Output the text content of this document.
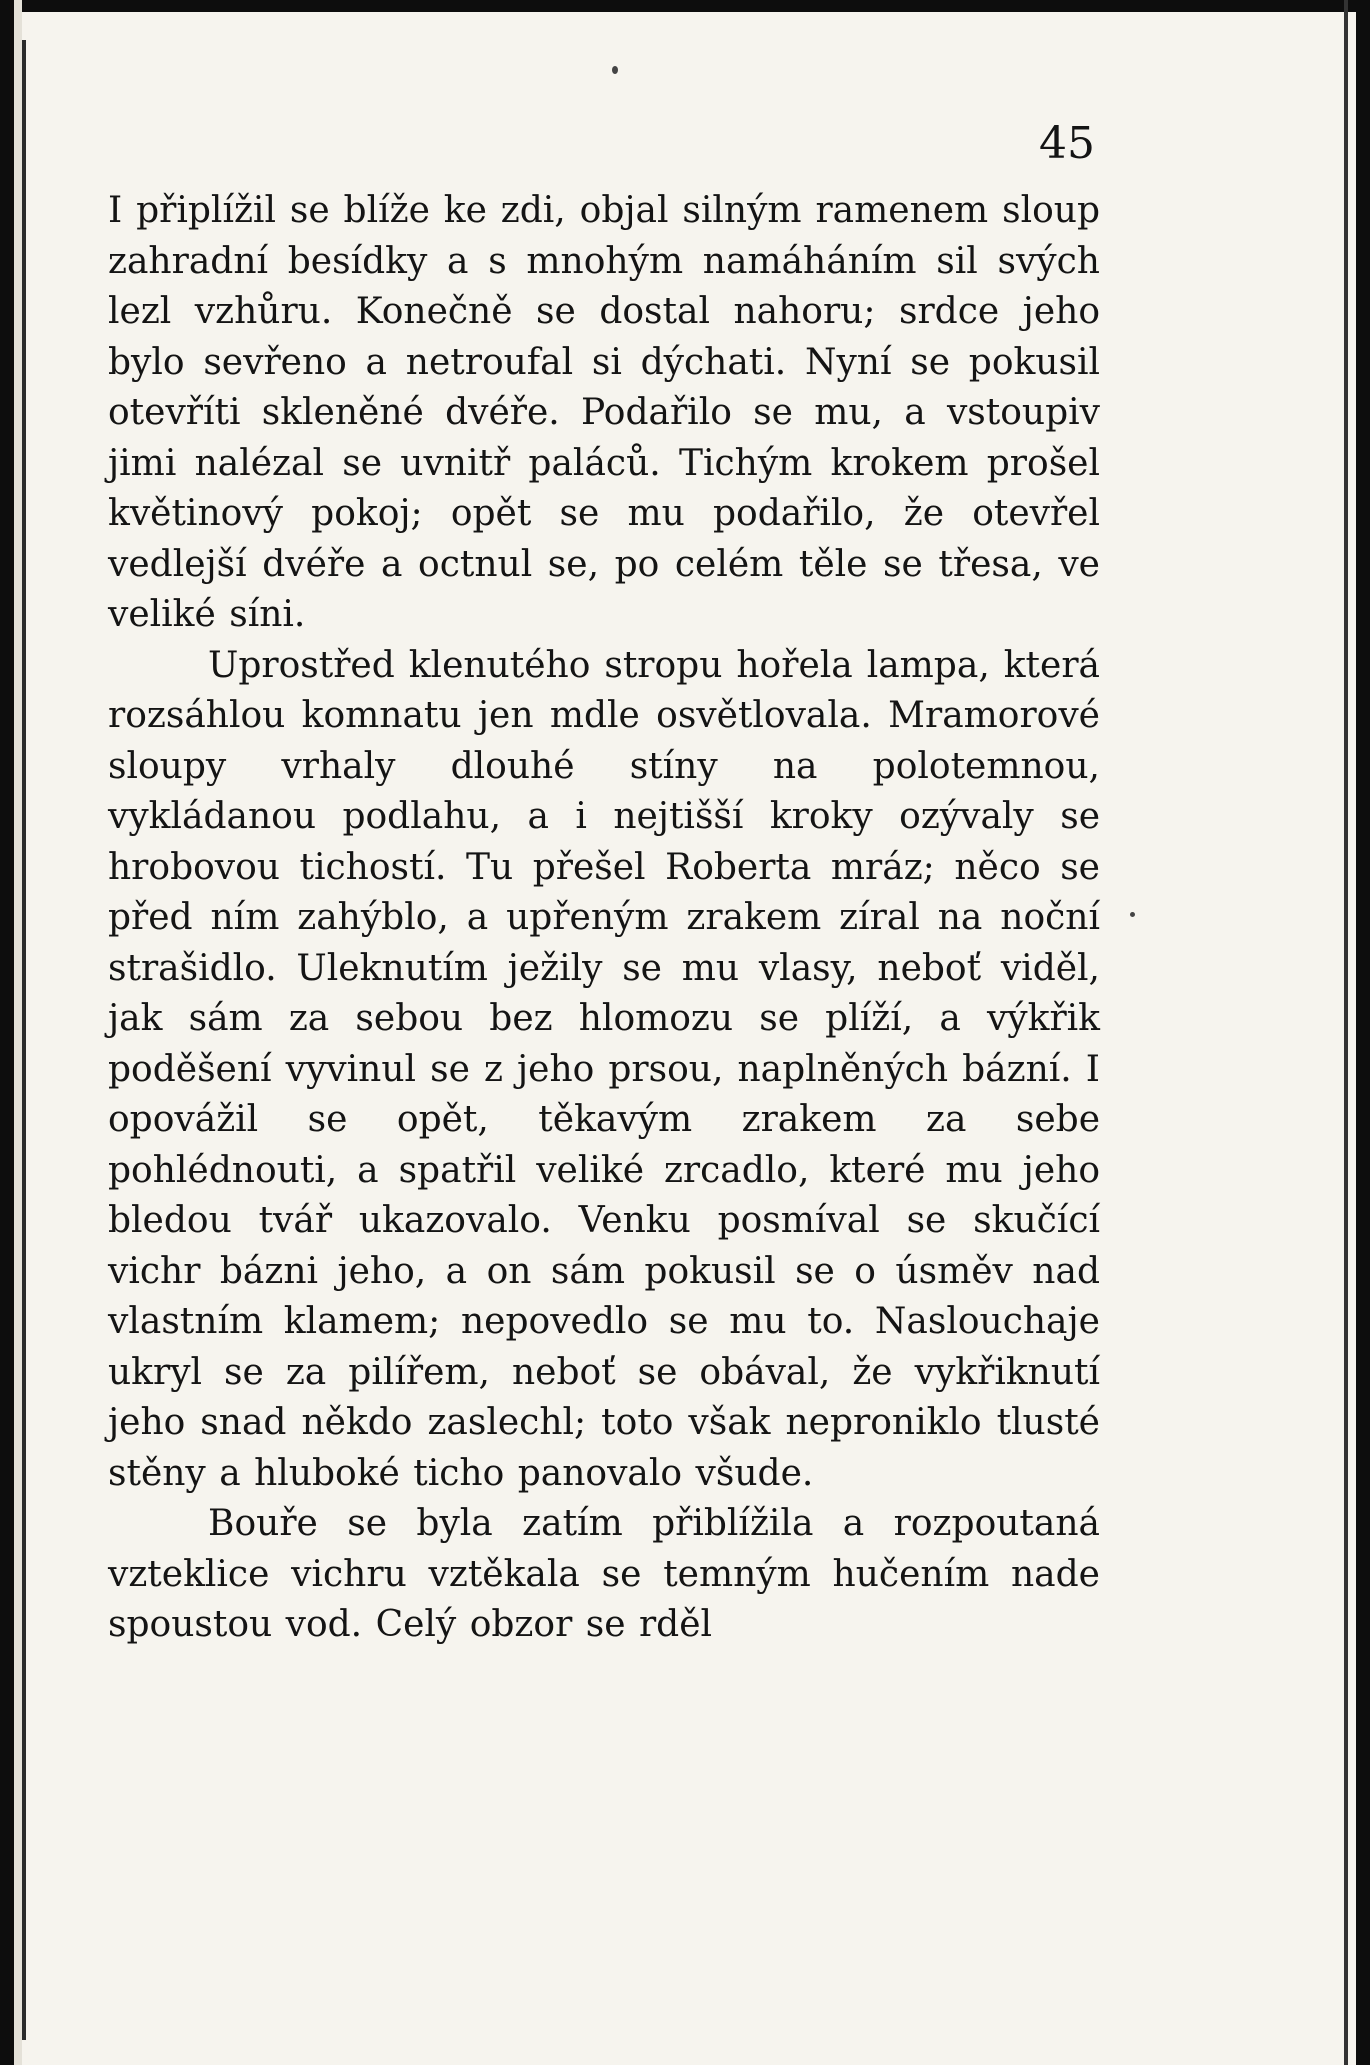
45

I připlížil se blíže ke zdi, objal silným ramenem sloup zahradní besídky a s mnohým namáháním sil svých lezl vzhůru. Konečně se dostal nahoru; srdce jeho bylo sevřeno a netroufal si dýchati. Nyní se pokusil otevříti skleněné dvéře. Podařilo se mu, a vstoupiv jimi nalézal se uvnitř paláců. Tichým krokem prošel květinový pokoj; opět se mu podařilo, že otevřel vedlejší dvéře a octnul se, po celém těle se třesa, ve veliké síni.

Uprostřed klenutého stropu hořela lampa, která rozsáhlou komnatu jen mdle osvětlovala. Mramorové sloupy vrhaly dlouhé stíny na polotemnou, vykládanou podlahu, a i nejtišší kroky ozývaly se hrobovou tichostí. Tu přešel Roberta mráz; něco se před ním zahýblo, a upřeným zrakem zíral na noční strašidlo. Uleknutím ježily se mu vlasy, neboť viděl, jak sám za sebou bez hlomozu se plíží, a výkřik poděšení vyvinul se z jeho prsou, naplněných bázní. I opovážil se opět, těkavým zrakem za sebe pohlédnouti, a spatřil veliké zrcadlo, které mu jeho bledou tvář ukazovalo. Venku posmíval se skučící vichr bázni jeho, a on sám pokusil se o úsměv nad vlastním klamem; nepovedlo se mu to. Naslouchaje ukryl se za pilířem, neboť se obával, že vykřiknutí jeho snad někdo zaslechl; toto však neproniklo tlusté stěny a hluboké ticho panovalo všude.

Bouře se byla zatím přiblížila a rozpoutaná vzteklice vichru vztěkala se temným hučením nade spoustou vod. Celý obzor se rděl
